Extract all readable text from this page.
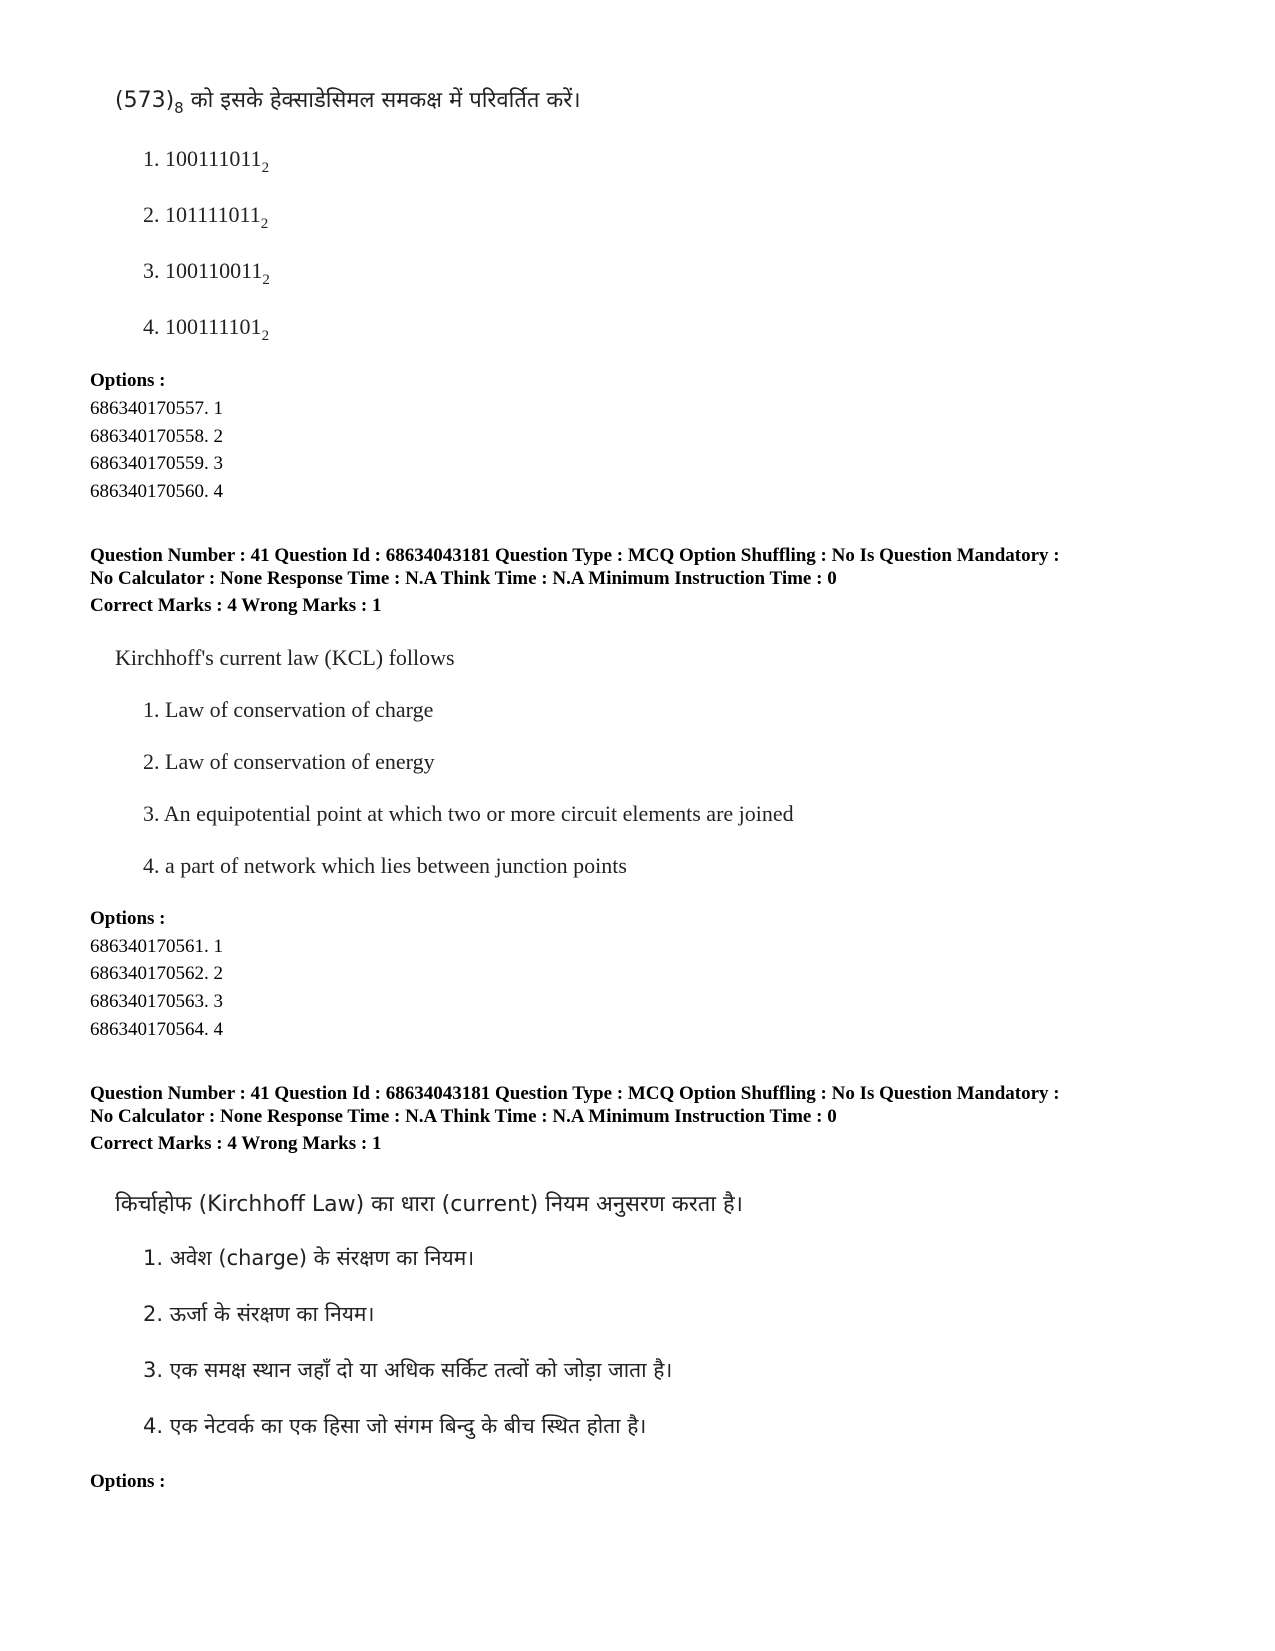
$(573)_8$ को इसके हेक्साडेसिमल समकक्ष में परिवर्तित करें।
1. $100111011_2$
2. $101111011_2$
3. $100110011_2$
4. $100111101_2$
Options :
686340170557. 1
686340170558. 2
686340170559. 3
686340170560. 4
Question Number : 41 Question Id : 68634043181 Question Type : MCQ Option Shuffling : No Is Question Mandatory :
No Calculator : None Response Time : N.A Think Time : N.A Minimum Instruction Time : 0
Correct Marks : 4 Wrong Marks : 1
Kirchhoff's current law (KCL) follows
1. Law of conservation of charge
2. Law of conservation of energy
3. An equipotential point at which two or more circuit elements are joined
4. a part of network which lies between junction points
Options :
686340170561. 1
686340170562. 2
686340170563. 3
686340170564. 4
Question Number : 41 Question Id : 68634043181 Question Type : MCQ Option Shuffling : No Is Question Mandatory :
No Calculator : None Response Time : N.A Think Time : N.A Minimum Instruction Time : 0
Correct Marks : 4 Wrong Marks : 1
किर्चाहोफ (Kirchhoff Law) का धारा (current) नियम अनुसरण करता है।
1. अवेश (charge) के संरक्षण का नियम।
2. ऊर्जा के संरक्षण का नियम।
3. एक समक्ष स्थान जहाँ दो या अधिक सर्किट तत्वों को जोड़ा जाता है।
4. एक नेटवर्क का एक हिसा जो संगम बिन्दु के बीच स्थित होता है।
Options :
